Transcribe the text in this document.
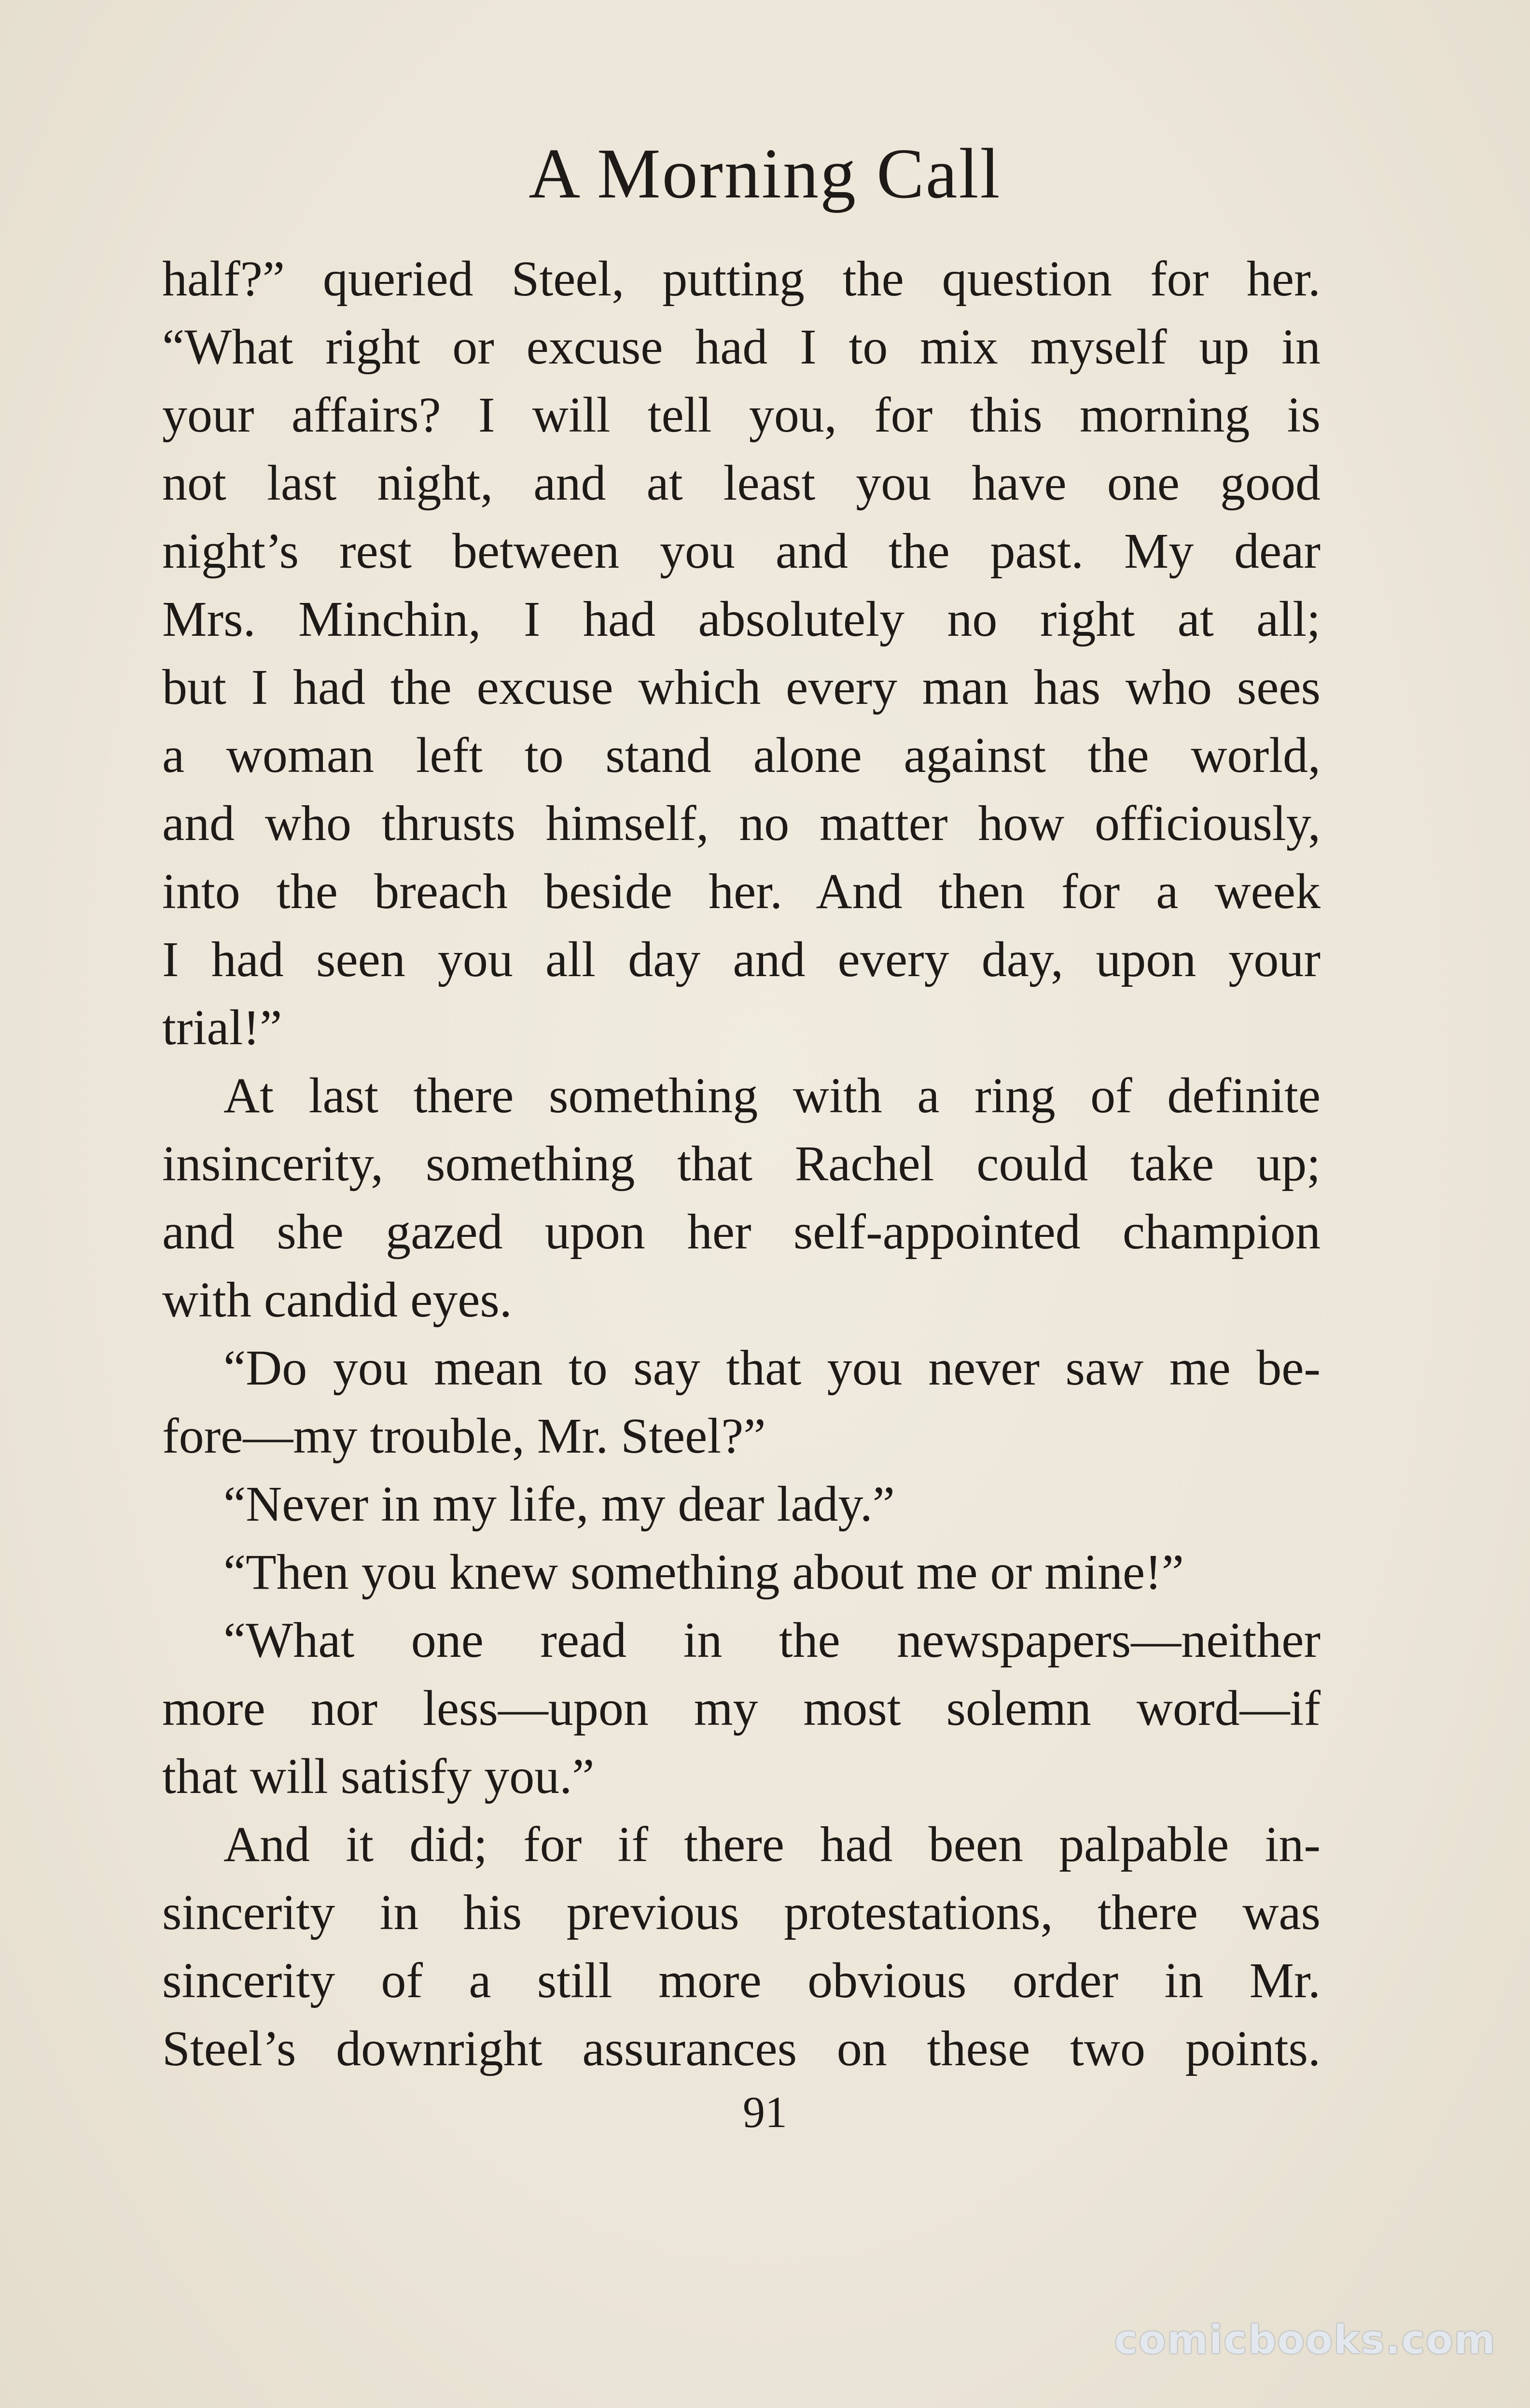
A Morning Call
half?” queried Steel, putting the question for her.
“What right or excuse had I to mix myself up in
your affairs? I will tell you, for this morning is
not last night, and at least you have one good
night’s rest between you and the past. My dear
Mrs. Minchin, I had absolutely no right at all;
but I had the excuse which every man has who sees
a woman left to stand alone against the world,
and who thrusts himself, no matter how officiously,
into the breach beside her. And then for a week
I had seen you all day and every day, upon your
trial!”
At last there something with a ring of definite
insincerity, something that Rachel could take up;
and she gazed upon her self-appointed champion
with candid eyes.
“Do you mean to say that you never saw me be-
fore—my trouble, Mr. Steel?”
“Never in my life, my dear lady.”
“Then you knew something about me or mine!”
“What one read in the newspapers—neither
more nor less—upon my most solemn word—if
that will satisfy you.”
And it did; for if there had been palpable in-
sincerity in his previous protestations, there was
sincerity of a still more obvious order in Mr.
Steel’s downright assurances on these two points.
91
comicbooks.com
